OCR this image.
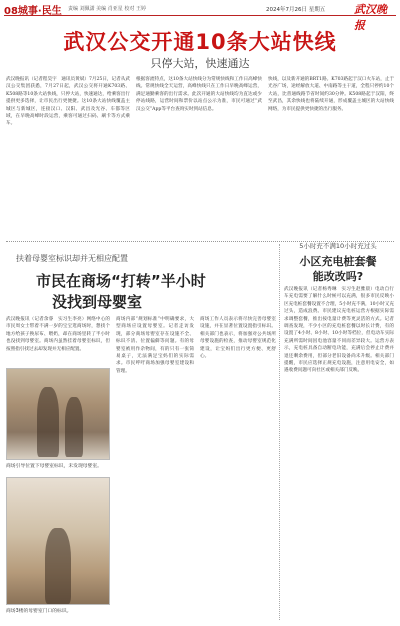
08城事·民生 责编 刘佩潇 美编 肖亚星 校对 王婷	2024年7月26日 星期五	武汉晚报
武汉公交开通10条大站快线
只停大站，快速通达
武汉晚报讯（记者程昊宇　通讯员黄斌）7月25日，记者从武汉公交集团获悉，7月27日起，武汉公交将开通K703路、K508路等10条大站快线，只停大站，快速通达，给乘客出行提供更多选择，让市民出行更便捷。这10条大站快线覆盖主城区与新城区，连接汉口、汉阳、武昌及光谷、车都等区域，在早晚高峰时段运营，乘客可通过扫码、刷卡等方式乘车。
根据客流特点，这10条大站快线分为常规快线和工作日高峰快线。常规快线全天运营，高峰快线只在工作日早晚高峰运营，满足通勤乘客的出行需求。此次开通的大站快线均为直达或少停站线路，运营时间和票价以站点公示为准，市民可通过“武汉公交”App等平台查询实时到站信息。
快线，以及新开通的BRT1路。K703路起于汉口火车站，止于光谷广场，途经解放大道、中南路等主干道，全程只停约10个大站，比普通线路节省时间约30分钟。K508路起于汉阳，终至武昌，其余快线也将陆续开通，形成覆盖主城区的大站快线网络，为市民提供更快捷的出行服务。
扶着母婴室标识却并无相应配置
市民在商场“打转”半小时
没找到母婴室
武汉晚报讯（记者余睿　实习生李亮）网络中心的市民周女士带着不满一岁的宝宝逛商场时，想找个地方给孩子换尿布、喂奶，却在商场里转了半小时也没找到母婴室。商场内虽然挂着母婴室标识，但按照指引找过去却发现并无相应配置。
商场内部“规划标准”中明确要求，大型商场应设置母婴室。记者走访发现，部分商场母婴室存在设施不全、标识不清、位置偏僻等问题。有的母婴室被用作杂物间，有的只有一张简易桌子，无法满足宝妈们的实际需求。市民呼吁商场加强母婴室建设和管理。
商场工作人员表示将尽快完善母婴室设施，并在显著位置设置指引标识。相关部门也表示，将加强对公共场所母婴设施的检查，推动母婴室规范化建设，让宝妈们出行更方便、更舒心。
商场引导位置下母婴室标识，未发现母婴室。
商场3楼的母婴室门口的标识。
5小时充不满10小时充过头
小区充电桩套餐
能改改吗?
武汉晚报讯（记者杨秀琳　实习生赵雅晨）电动自行车充电需要了解什么时候可以充满，很多市民反映小区充电桩套餐设置不合理，5小时充不满，10小时又充过头，造成浪费。市民建议充电桩运营方根据实际需求调整套餐，推出按电量计费等更灵活的方式。记者调查发现，不少小区的充电桩套餐以时长计费，有的设置了4小时、8小时、10小时等档位，但电动车实际充满所需时间因电池容量不同而差异较大。运营方表示，充电桩具备自动断电功能，充满后会停止计费并退还剩余费用，但部分老旧设备尚未升级。相关部门提醒，市民应选择正规充电设施，注意用电安全，如遇收费问题可向社区或相关部门反映。
